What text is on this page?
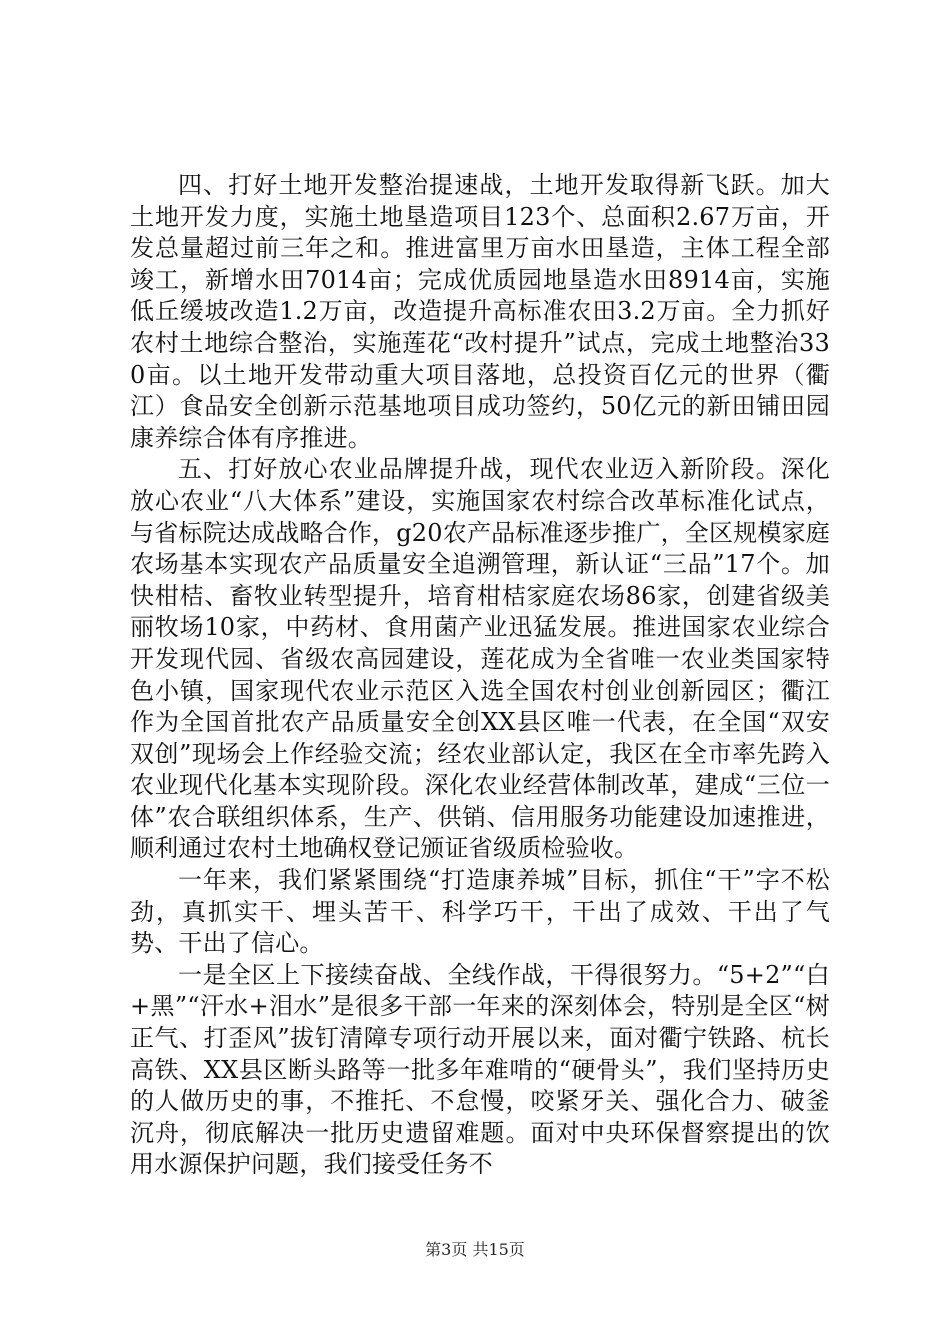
四、打好土地开发整治提速战，土地开发取得新飞跃。加大土地开发力度，实施土地垦造项目123个、总面积2.67万亩，开发总量超过前三年之和。推进富里万亩水田垦造，主体工程全部竣工，新增水田7014亩；完成优质园地垦造水田8914亩，实施低丘缓坡改造1.2万亩，改造提升高标准农田3.2万亩。全力抓好农村土地综合整治，实施莲花“改村提升”试点，完成土地整治330亩。以土地开发带动重大项目落地，总投资百亿元的世界（衢江）食品安全创新示范基地项目成功签约，50亿元的新田铺田园康养综合体有序推进。

五、打好放心农业品牌提升战，现代农业迈入新阶段。深化放心农业“八大体系”建设，实施国家农村综合改革标准化试点，与省标院达成战略合作，g20农产品标准逐步推广，全区规模家庭农场基本实现农产品质量安全追溯管理，新认证“三品”17个。加快柑桔、畜牧业转型提升，培育柑桔家庭农场86家，创建省级美丽牧场10家，中药材、食用菌产业迅猛发展。推进国家农业综合开发现代园、省级农高园建设，莲花成为全省唯一农业类国家特色小镇，国家现代农业示范区入选全国农村创业创新园区；衢江作为全国首批农产品质量安全创XX县区唯一代表，在全国“双安双创”现场会上作经验交流；经农业部认定，我区在全市率先跨入农业现代化基本实现阶段。深化农业经营体制改革，建成“三位一体”农合联组织体系，生产、供销、信用服务功能建设加速推进，顺利通过农村土地确权登记颁证省级质检验收。

一年来，我们紧紧围绕“打造康养城”目标，抓住“干”字不松劲，真抓实干、埋头苦干、科学巧干，干出了成效、干出了气势、干出了信心。

一是全区上下接续奋战、全线作战，干得很努力。“5+2”“白+黑”“汗水+泪水”是很多干部一年来的深刻体会，特别是全区“树正气、打歪风”拔钉清障专项行动开展以来，面对衢宁铁路、杭长高铁、XX县区断头路等一批多年难啃的“硬骨头”，我们坚持历史的人做历史的事，不推托、不怠慢，咬紧牙关、强化合力、破釜沉舟，彻底解决一批历史遗留难题。面对中央环保督察提出的饮用水源保护问题，我们接受任务不

第3页 共15页
